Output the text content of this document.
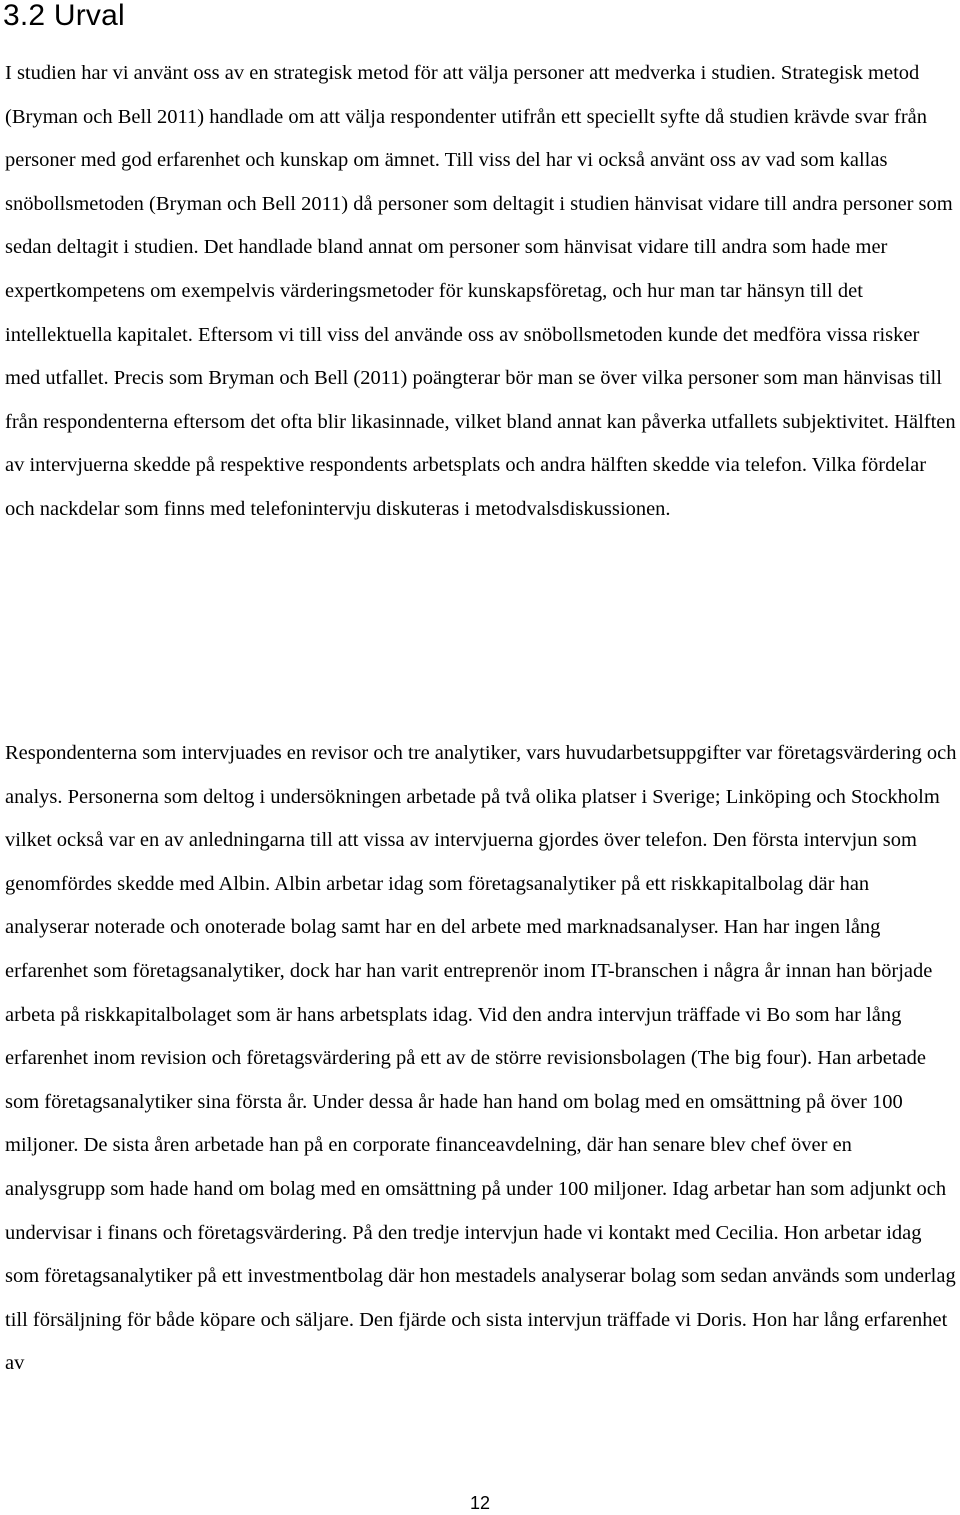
3.2 Urval

I studien har vi använt oss av en strategisk metod för att välja personer att medverka i studien. Strategisk metod (Bryman och Bell 2011) handlade om att välja respondenter utifrån ett speciellt syfte då studien krävde svar från personer med god erfarenhet och kunskap om ämnet. Till viss del har vi också använt oss av vad som kallas snöbollsmetoden (Bryman och Bell 2011) då personer som deltagit i studien hänvisat vidare till andra personer som sedan deltagit i studien. Det handlade bland annat om personer som hänvisat vidare till andra som hade mer expertkompetens om exempelvis värderingsmetoder för kunskapsföretag, och hur man tar hänsyn till det intellektuella kapitalet. Eftersom vi till viss del använde oss av snöbollsmetoden kunde det medföra vissa risker med utfallet. Precis som Bryman och Bell (2011) poängterar bör man se över vilka personer som man hänvisas till från respondenterna eftersom det ofta blir likasinnade, vilket bland annat kan påverka utfallets subjektivitet. Hälften av intervjuerna skedde på respektive respondents arbetsplats och andra hälften skedde via telefon. Vilka fördelar och nackdelar som finns med telefonintervju diskuteras i metodvalsdiskussionen.

Respondenterna som intervjuades en revisor och tre analytiker, vars huvudarbetsuppgifter var företagsvärdering och analys. Personerna som deltog i undersökningen arbetade på två olika platser i Sverige; Linköping och Stockholm vilket också var en av anledningarna till att vissa av intervjuerna gjordes över telefon. Den första intervjun som genomfördes skedde med Albin. Albin arbetar idag som företagsanalytiker på ett riskkapitalbolag där han analyserar noterade och onoterade bolag samt har en del arbete med marknadsanalyser. Han har ingen lång erfarenhet som företagsanalytiker, dock har han varit entreprenör inom IT-branschen i några år innan han började arbeta på riskkapitalbolaget som är hans arbetsplats idag. Vid den andra intervjun träffade vi Bo som har lång erfarenhet inom revision och företagsvärdering på ett av de större revisionsbolagen (The big four). Han arbetade som företagsanalytiker sina första år. Under dessa år hade han hand om bolag med en omsättning på över 100 miljoner. De sista åren arbetade han på en corporate financeavdelning, där han senare blev chef över en analysgrupp som hade hand om bolag med en omsättning på under 100 miljoner. Idag arbetar han som adjunkt och undervisar i finans och företagsvärdering. På den tredje intervjun hade vi kontakt med Cecilia. Hon arbetar idag som företagsanalytiker på ett investmentbolag där hon mestadels analyserar bolag som sedan används som underlag till försäljning för både köpare och säljare. Den fjärde och sista intervjun träffade vi Doris. Hon har lång erfarenhet av

12
